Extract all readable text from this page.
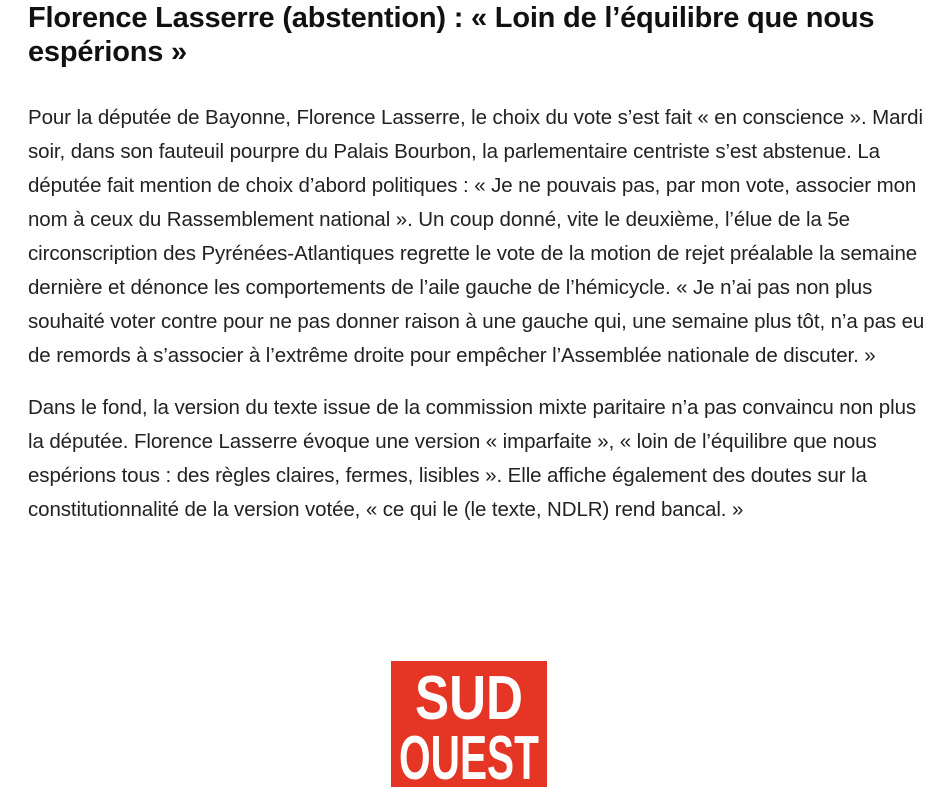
Florence Lasserre (abstention) : « Loin de l’équilibre que nous espérions »

Pour la députée de Bayonne, Florence Lasserre, le choix du vote s’est fait « en conscience ». Mardi soir, dans son fauteuil pourpre du Palais Bourbon, la parlementaire centriste s’est abstenue. La députée fait mention de choix d’abord politiques : « Je ne pouvais pas, par mon vote, associer mon nom à ceux du Rassemblement national ». Un coup donné, vite le deuxième, l’élue de la 5e circonscription des Pyrénées-Atlantiques regrette le vote de la motion de rejet préalable la semaine dernière et dénonce les comportements de l’aile gauche de l’hémicycle. « Je n’ai pas non plus souhaité voter contre pour ne pas donner raison à une gauche qui, une semaine plus tôt, n’a pas eu de remords à s’associer à l’extrême droite pour empêcher l’Assemblée nationale de discuter. »

Dans le fond, la version du texte issue de la commission mixte paritaire n’a pas convaincu non plus la députée. Florence Lasserre évoque une version « imparfaite », « loin de l’équilibre que nous espérions tous : des règles claires, fermes, lisibles ». Elle affiche également des doutes sur la constitutionnalité de la version votée, « ce qui le (le texte, NDLR) rend bancal. »

SUD
OUEST
